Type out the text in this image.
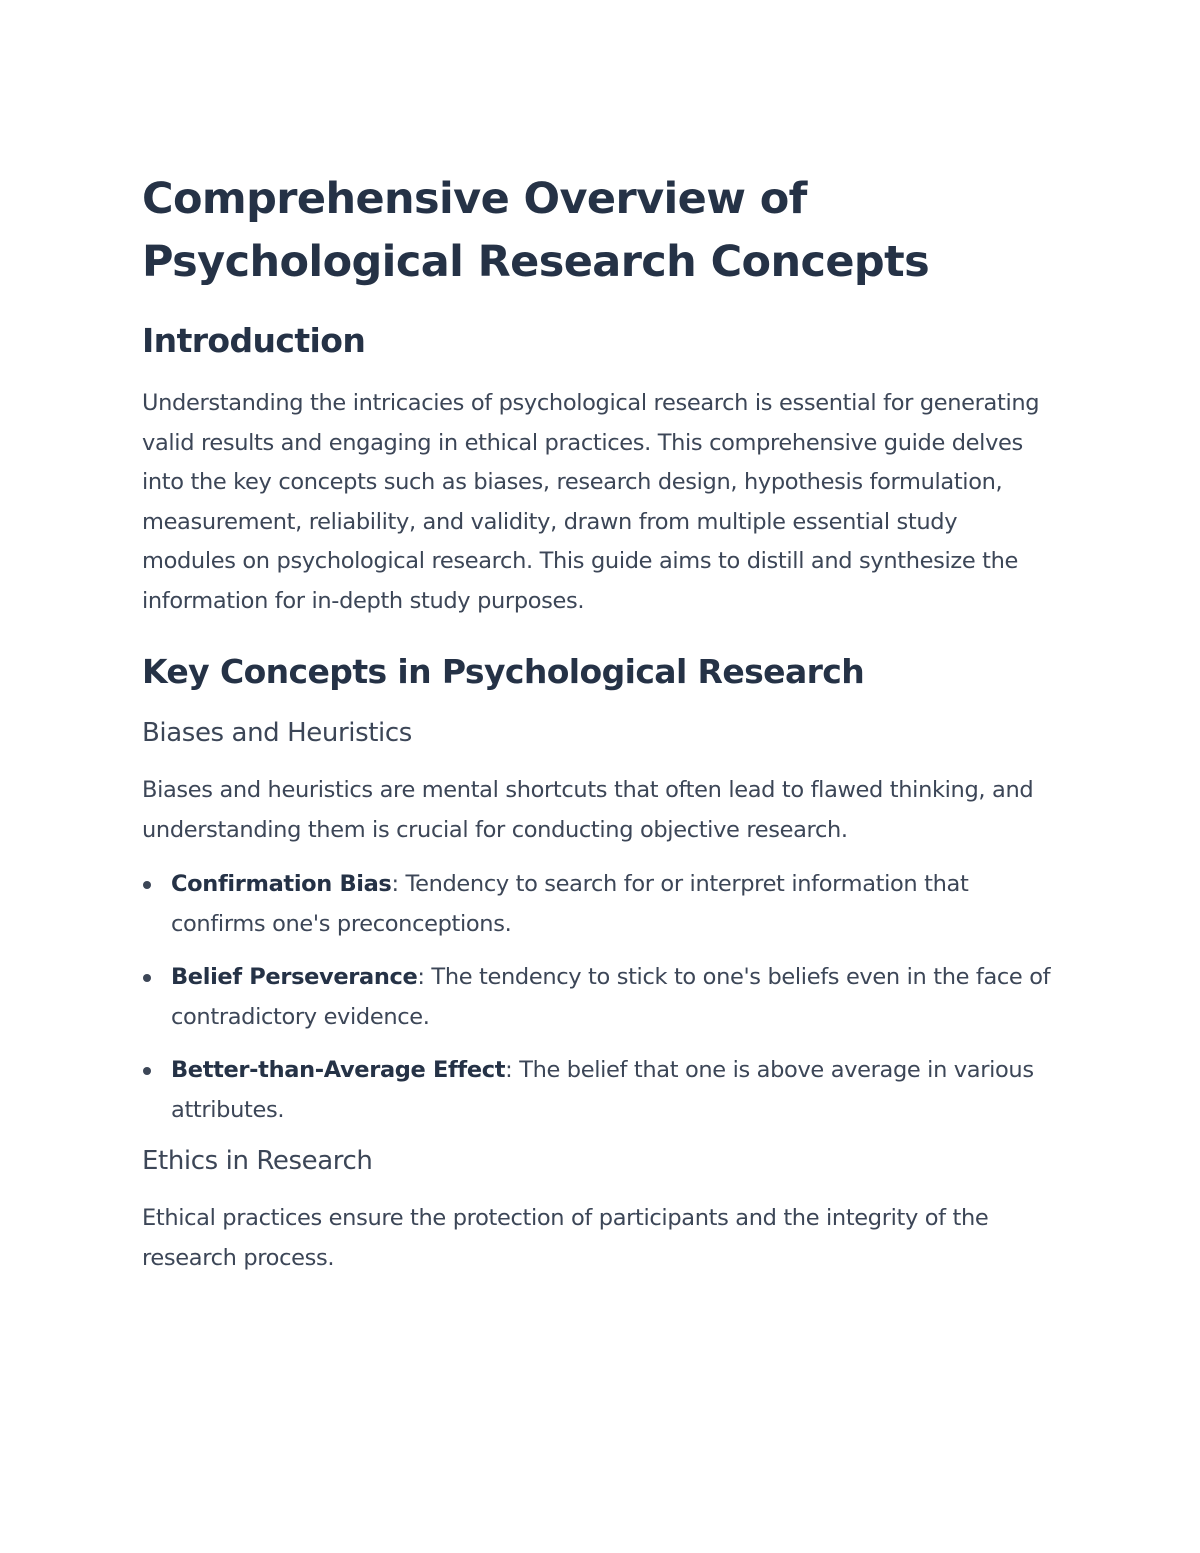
Comprehensive Overview of Psychological Research Concepts
Introduction

Understanding the intricacies of psychological research is essential for generating valid results and engaging in ethical practices. This comprehensive guide delves into the key concepts such as biases, research design, hypothesis formulation, measurement, reliability, and validity, drawn from multiple essential study modules on psychological research. This guide aims to distill and synthesize the information for in-depth study purposes.

Key Concepts in Psychological Research
Biases and Heuristics

Biases and heuristics are mental shortcuts that often lead to flawed thinking, and understanding them is crucial for conducting objective research.

Confirmation Bias: Tendency to search for or interpret information that confirms one's preconceptions.
Belief Perseverance: The tendency to stick to one's beliefs even in the face of contradictory evidence.
Better-than-Average Effect: The belief that one is above average in various attributes.
Ethics in Research

Ethical practices ensure the protection of participants and the integrity of the research process.
